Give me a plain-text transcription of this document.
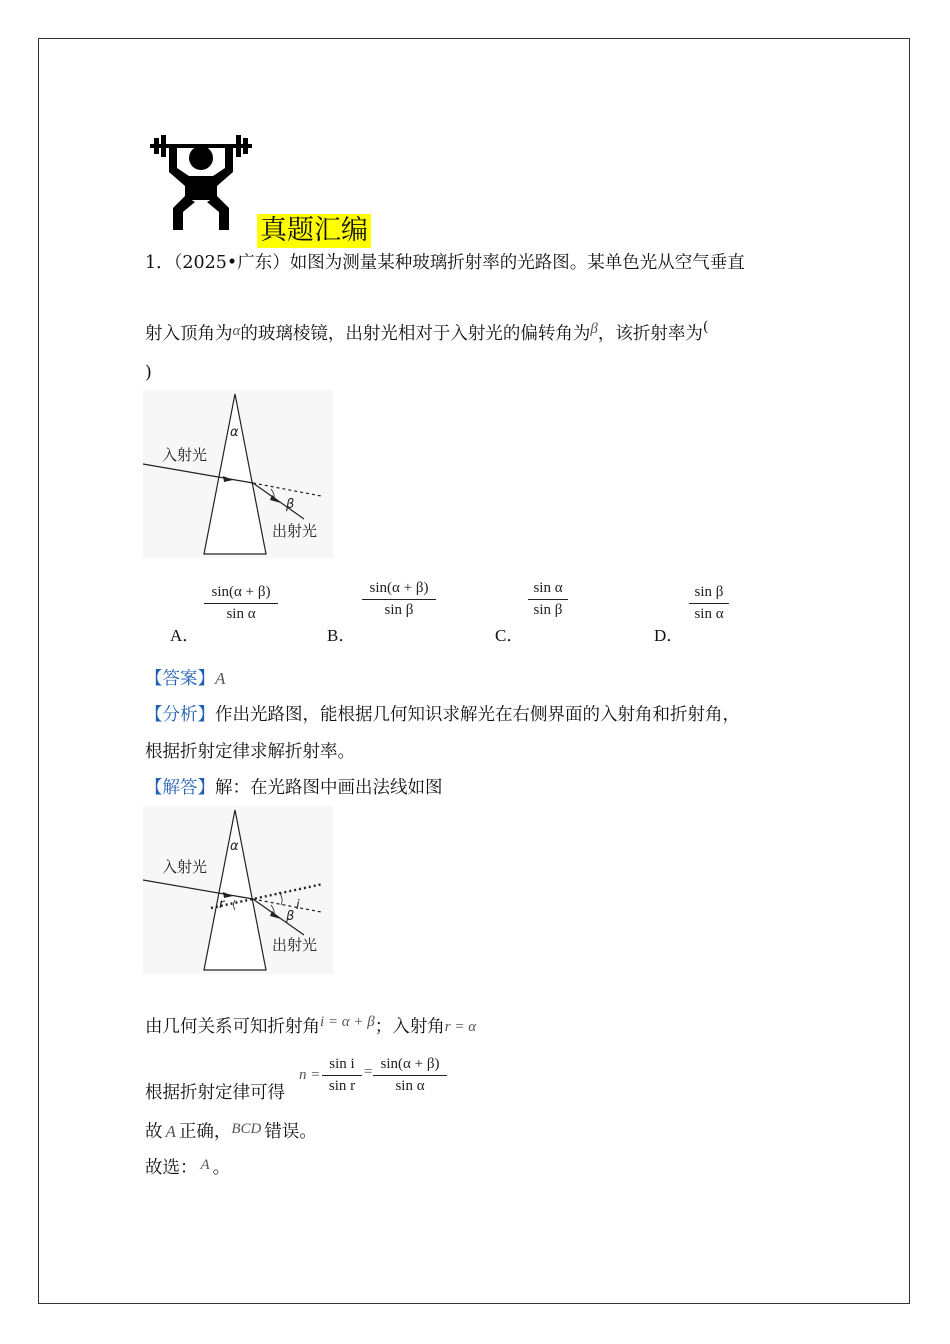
真题汇编
1．（2025•广东）如图为测量某种玻璃折射率的光路图。某单色光从空气垂直
射入顶角为α的玻璃棱镜，出射光相对于入射光的偏转角为β，该折射率为(
)
入射光
出射光
α
β
sin(α + β)
sin α
A．
sin(α + β)
sin β
B．
sin α
sin β
C．
sin β
sin α
D．
【答案】A
【分析】作出光路图，能根据几何知识求解光在右侧界面的入射角和折射角，
根据折射定律求解折射率。
【解答】解：在光路图中画出法线如图
入射光
出射光
α
β
r	i
由几何关系可知折射角i = α + β；入射角r = α
根据折射定律可得
n =
sin i
sin r
= sin(α + β)
sin α
故 A 正确，BCD 错误。
故选： A 。
